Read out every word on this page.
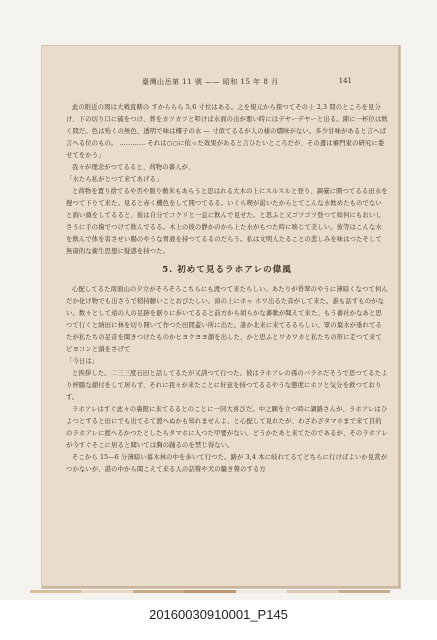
臺灣山岳第 11 號 —— 昭和 15 年 8 月	141

此の附近の囡は大戦直轄の すかららら 5,6 寸位はある。之を規元から探つてその上 2,3 間のところを見分け、下の切り口に硫をつけ、葬をカツカツと叩けば水面の出が悪い時にはデヤーデヤーと出る。陳に一杯位は飲く間だ。色は殆くの無色、透明で味は椰子の水 — 寸似てるるが人の様の燗味がない。多少甘味があると言へば言へる位のもの。 ………… それは○○に依った效果があると言ひたいところだが、その邊は審門家の研究に委せてをかう」

我々が理念がつてるると、荷物の蕃人が、

「水たら私がとつて来てあげる」

と荷物を置り捨てるや否や脱り敷米もあらうと思はれる大木の上にスルスルと登り、調臺に開つてるる田水を捜つて下りて来た。見ると赤く機色をして開つてるる。いくら喫が渇いたからとてこんな水飲めたものでないと詢い頭をしてるると、彼は自分でコクリと一息に飲んで見せた。と思ふと又ゴツゴツ登つて如何にもおいしさうに手の掬でつけて飲んでるる。木上の彼の静かのから上た水がもつた時に映じて美しい。彼等はこんな水を飲んで体を害させい腸のやうな胃液を持つてるるのだらう。私は文明人たることの悲しみを味はつたそして無康的な衛生思想に疑惑を持つた。

5. 初めて見るラホアレの偉風

心配してるた南面山の夕立がそろそろこちらにも渡つて来たらしい。あたりが昏翠のやうに薄暗くなつて何んだか化け物でも出さうで稍持膽いことおびたしい。窗の上にホヮ ホワ出るた音がして来た。誰も話すものがない。数々として遠の人の足跡を据りに歩いてるると前方から胡らかな蕃歌が聞えて来た。もう蕃社かなあと思つて行くと納田に林を切り開いて作つた田間蓋い所に出た。誰か北来に来てるるらしい。眾の葉水が垂れてるたが私たちの足音を聞きつけたものかヒヨクヨヨ顔を出した、かと思ふとワカワカと私たちの形に走つて来てピヨコンと頭をさげて

「今日は」

と挨拶した。二三三度石田と話してるたが又訓つて行つた。彼はラホアレの孫のバラホだそうで思つてるたより梓腸な顔付をして居らず、それに我々が来たことに好意を持つてるるやうな態度にホツと気分を救つておりす。

ラホアレはすぐ此々の裏館に来てるるとのことに一同大喜びだ。中之願を立つ時に調路さんが、ラホアレはひよつとすると田にでも出てるて渡へぬかも知れませんよ、と心配して見れたが、わざわざタマホまで来て目的のラホアレに渡へるかつたとしたらタマホに入つた甲要がない。どうかたあと来てたのであるが、そのラホアレが今すぐそこに居ると聞いては胸の踊るのを禁じ得ない。

そこから 15—6 分薄暗い幕木林の中を歩いて行つた。路が 3,4 本に岐れてるてどちらに行けばよいか見當がつかないが、湛の中から聞こえて来る人の話聲や犬の騷き聲のする方

20160030910001_P145
